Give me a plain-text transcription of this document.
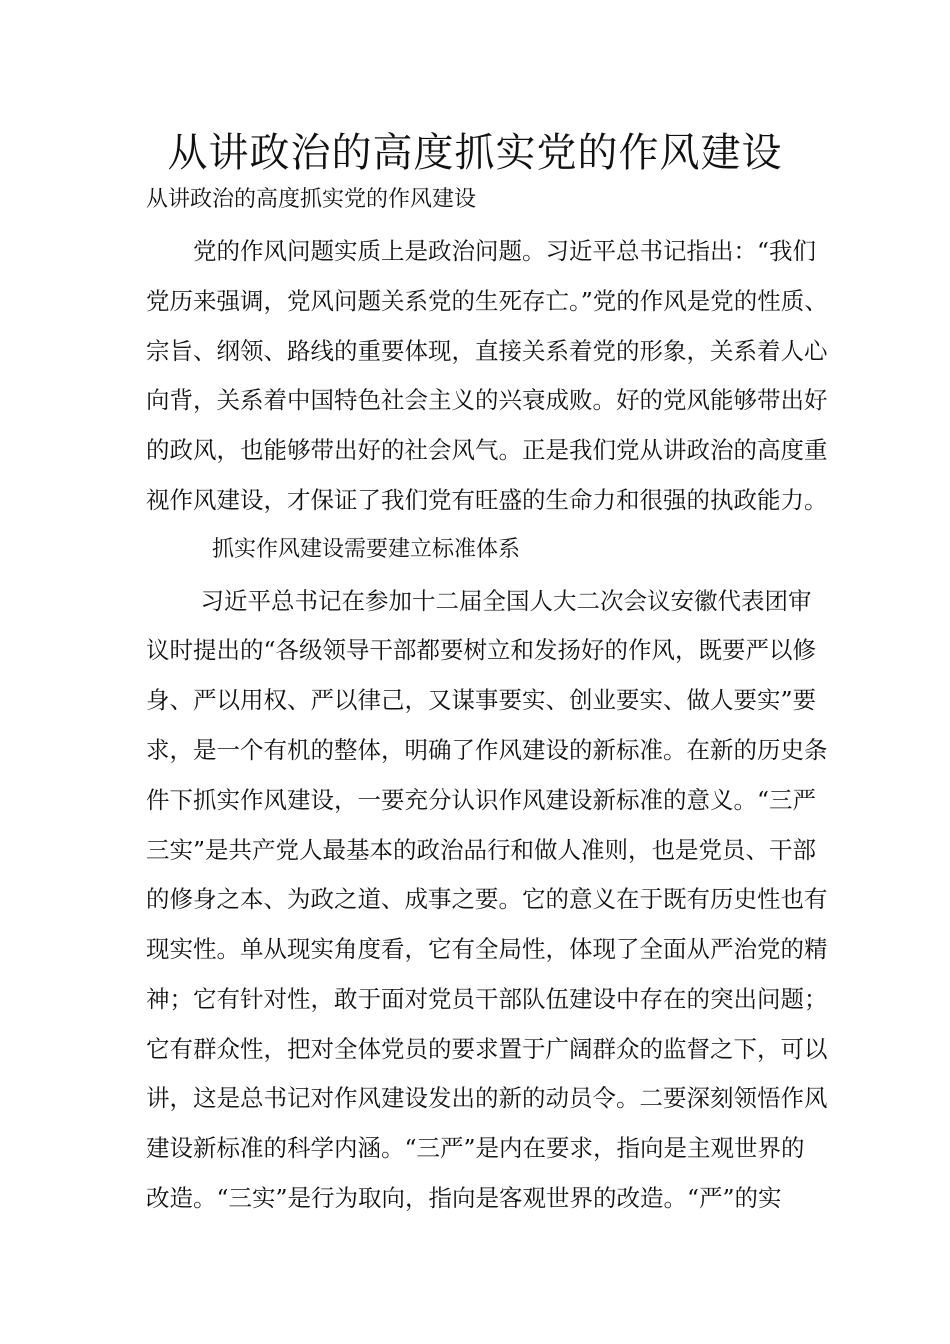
从讲政治的高度抓实党的作风建设
从讲政治的高度抓实党的作风建设
　　党的作风问题实质上是政治问题。习近平总书记指出：“我们
党历来强调，党风问题关系党的生死存亡。”党的作风是党的性质、
宗旨、纲领、路线的重要体现，直接关系着党的形象，关系着人心
向背，关系着中国特色社会主义的兴衰成败。好的党风能够带出好
的政风，也能够带出好的社会风气。正是我们党从讲政治的高度重
视作风建设，才保证了我们党有旺盛的生命力和很强的执政能力。
　　　抓实作风建设需要建立标准体系
　　 习近平总书记在参加十二届全国人大二次会议安徽代表团审
议时提出的“各级领导干部都要树立和发扬好的作风，既要严以修
身、严以用权、严以律己，又谋事要实、创业要实、做人要实”要
求，是一个有机的整体，明确了作风建设的新标准。在新的历史条
件下抓实作风建设，一要充分认识作风建设新标准的意义。“三严
三实”是共产党人最基本的政治品行和做人准则，也是党员、干部
的修身之本、为政之道、成事之要。它的意义在于既有历史性也有
现实性。单从现实角度看，它有全局性，体现了全面从严治党的精
神；它有针对性，敢于面对党员干部队伍建设中存在的突出问题；
它有群众性，把对全体党员的要求置于广阔群众的监督之下，可以
讲，这是总书记对作风建设发出的新的动员令。二要深刻领悟作风
建设新标准的科学内涵。“三严”是内在要求，指向是主观世界的
改造。“三实”是行为取向，指向是客观世界的改造。“严”的实
